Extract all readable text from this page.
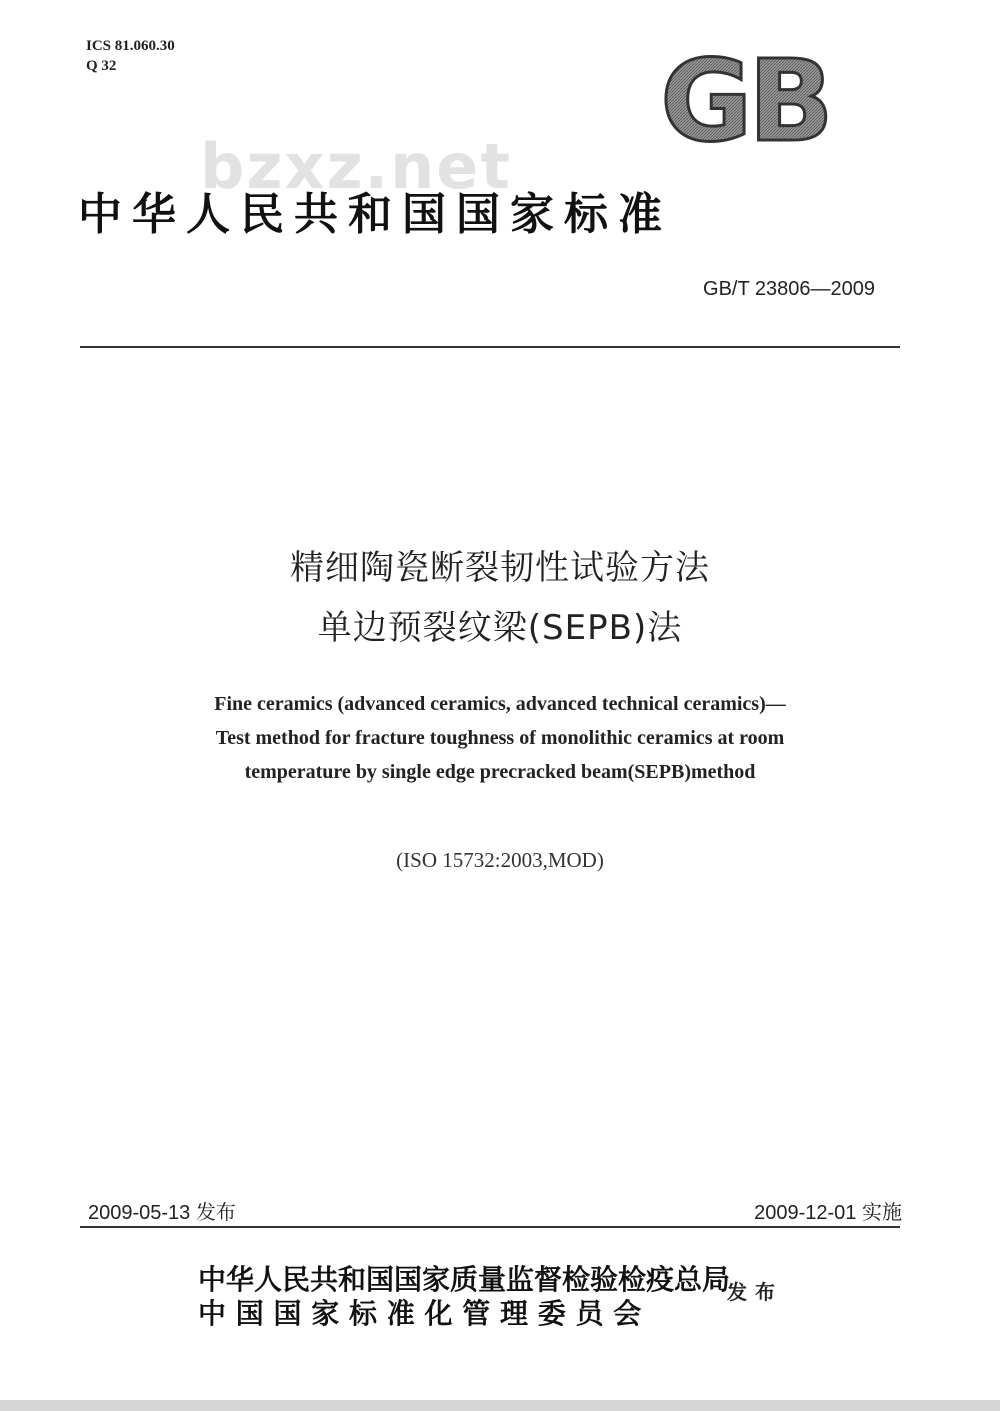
ICS 81.060.30
Q 32	GB
bzxz.net
中华人民共和国国家标准
GB/T 23806—2009
精细陶瓷断裂韧性试验方法
单边预裂纹梁(SEPB)法
Fine ceramics (advanced ceramics, advanced technical ceramics)—
Test method for fracture toughness of monolithic ceramics at room
temperature by single edge precracked beam(SEPB)method
(ISO 15732:2003,MOD)
2009-05-13 发布	2009-12-01 实施
中华人民共和国国家质量监督检验检疫总局
中 国 国 家 标 准 化 管 理 委 员 会
发布
